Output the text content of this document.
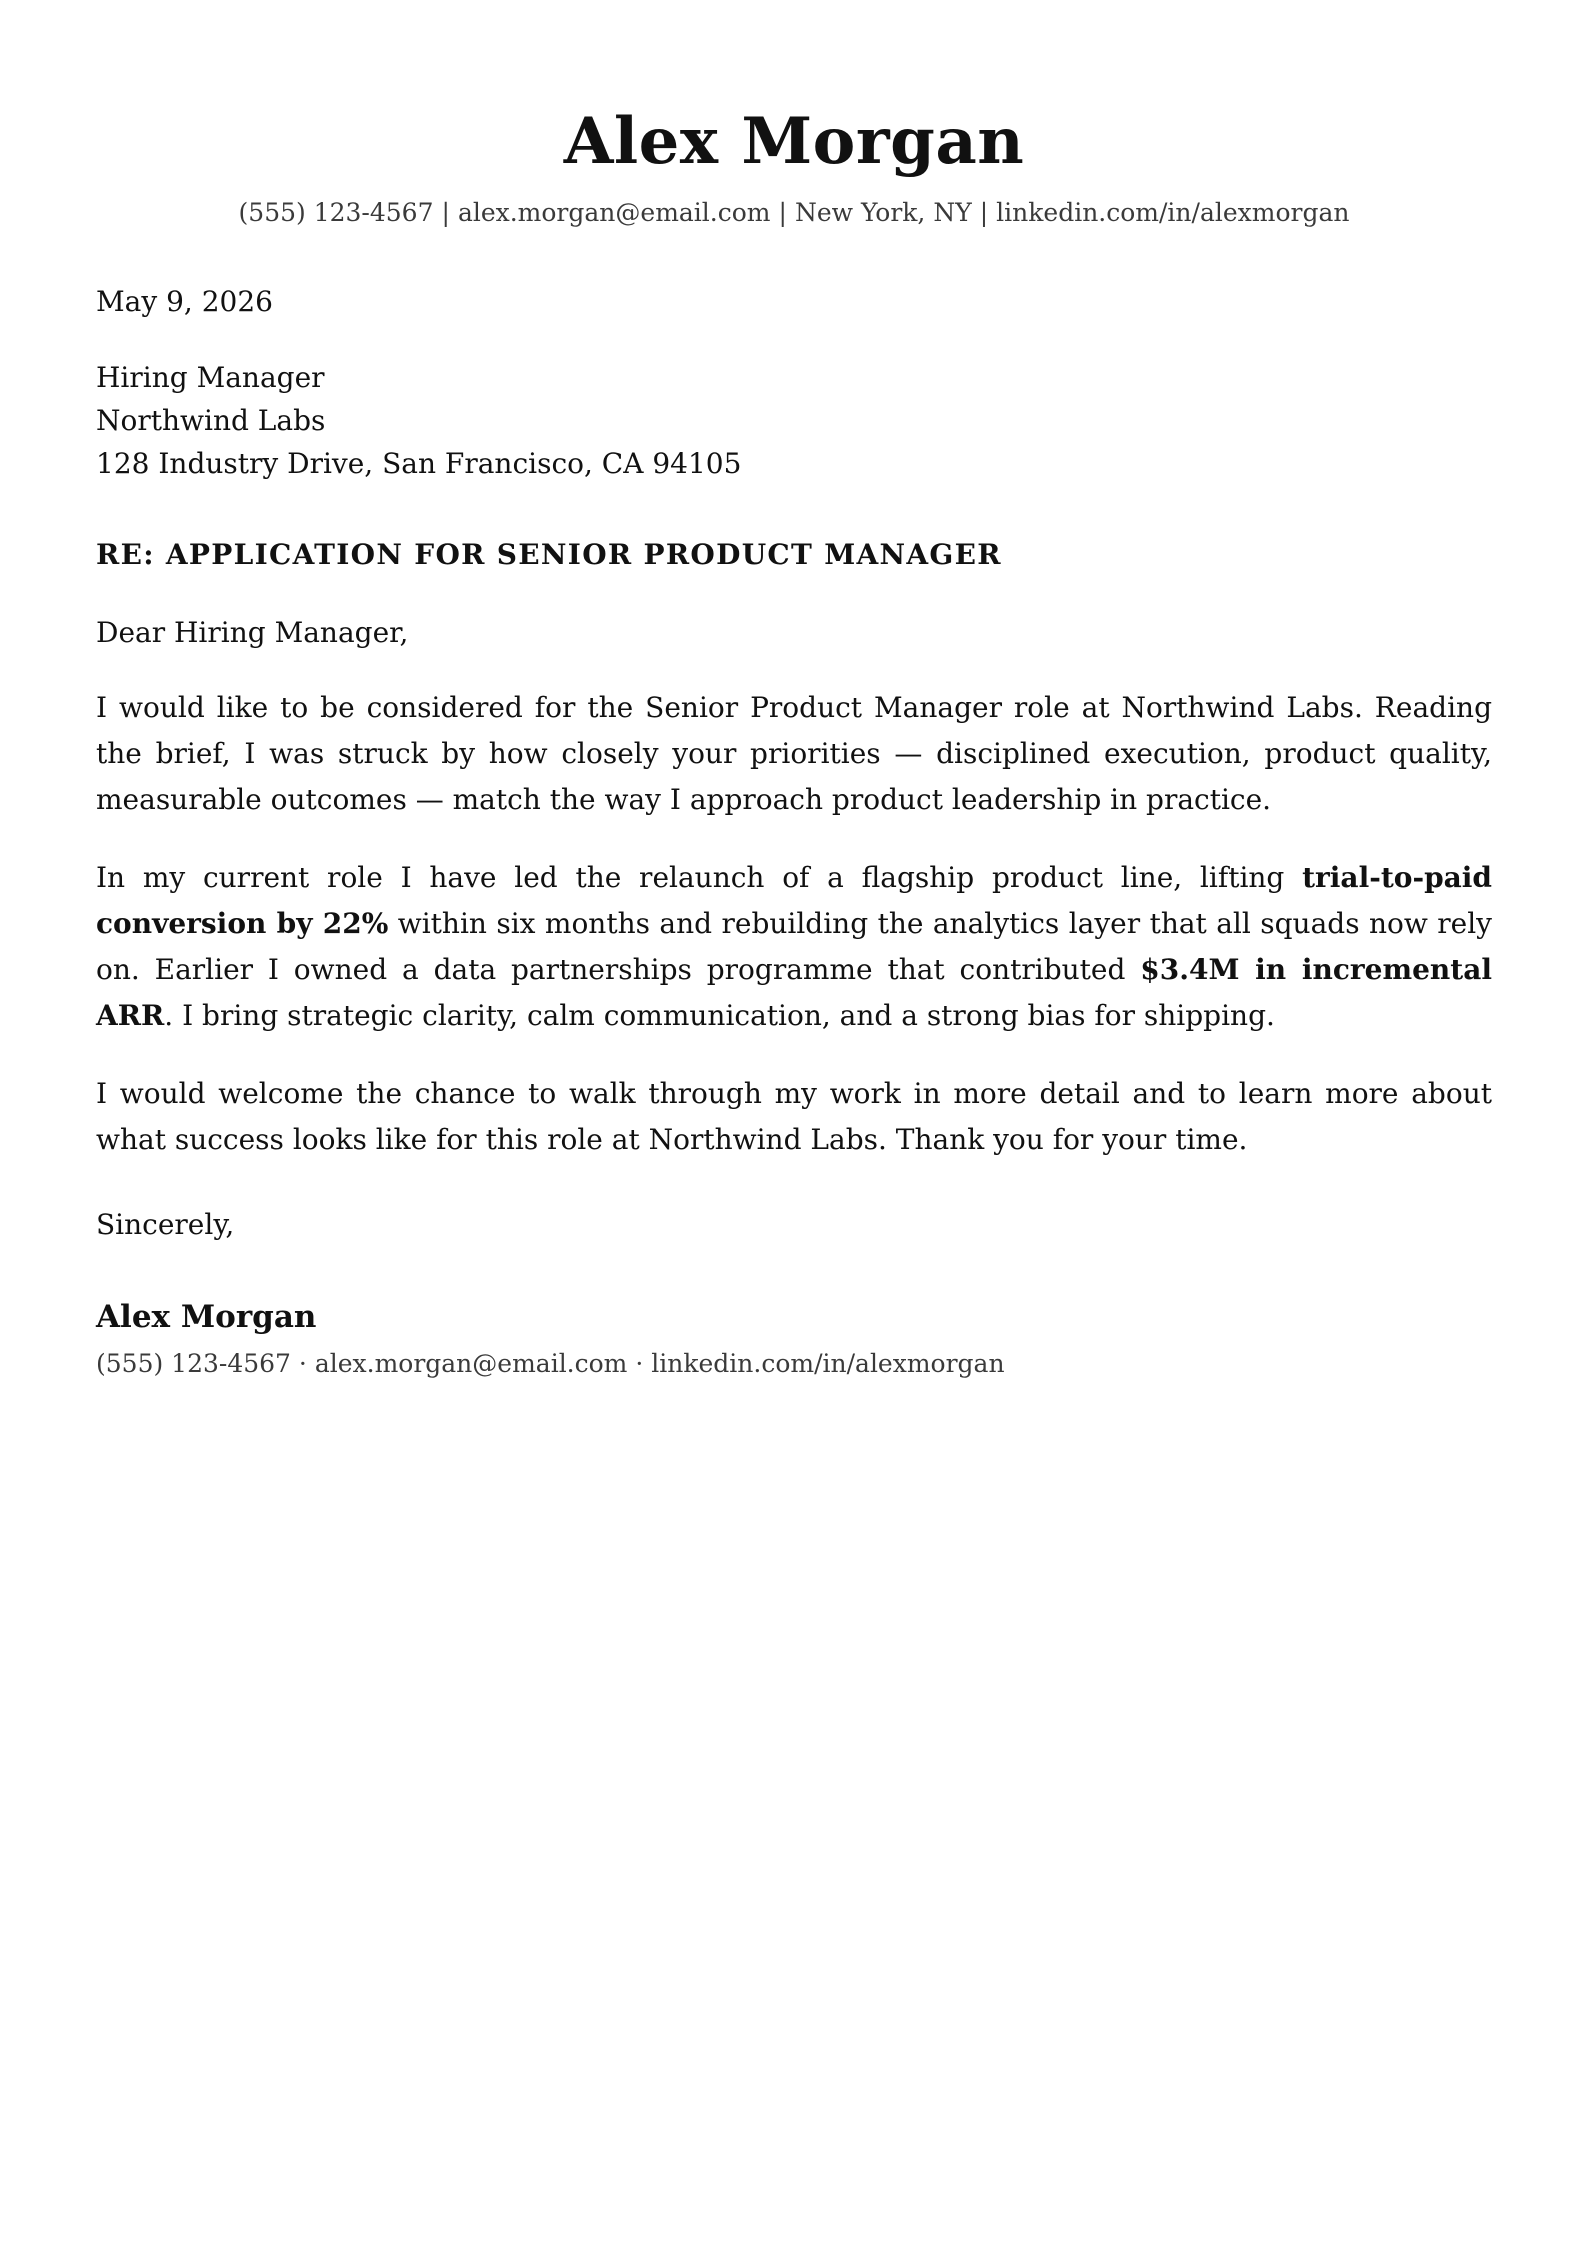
Alex Morgan
(555) 123-4567 | alex.morgan@email.com | New York, NY | linkedin.com/in/alexmorgan
May 9, 2026
Hiring Manager
Northwind Labs
128 Industry Drive, San Francisco, CA 94105
RE: APPLICATION FOR SENIOR PRODUCT MANAGER
Dear Hiring Manager,
I would like to be considered for the Senior Product Manager role at Northwind Labs. Reading the brief, I was struck by how closely your priorities — disciplined execution, product quality, measurable outcomes — match the way I approach product leadership in practice.
In my current role I have led the relaunch of a flagship product line, lifting trial-to-paid conversion by 22% within six months and rebuilding the analytics layer that all squads now rely on. Earlier I owned a data partnerships programme that contributed $3.4M in incremental ARR. I bring strategic clarity, calm communication, and a strong bias for shipping.
I would welcome the chance to walk through my work in more detail and to learn more about what success looks like for this role at Northwind Labs. Thank you for your time.
Sincerely,
Alex Morgan
(555) 123-4567 · alex.morgan@email.com · linkedin.com/in/alexmorgan
